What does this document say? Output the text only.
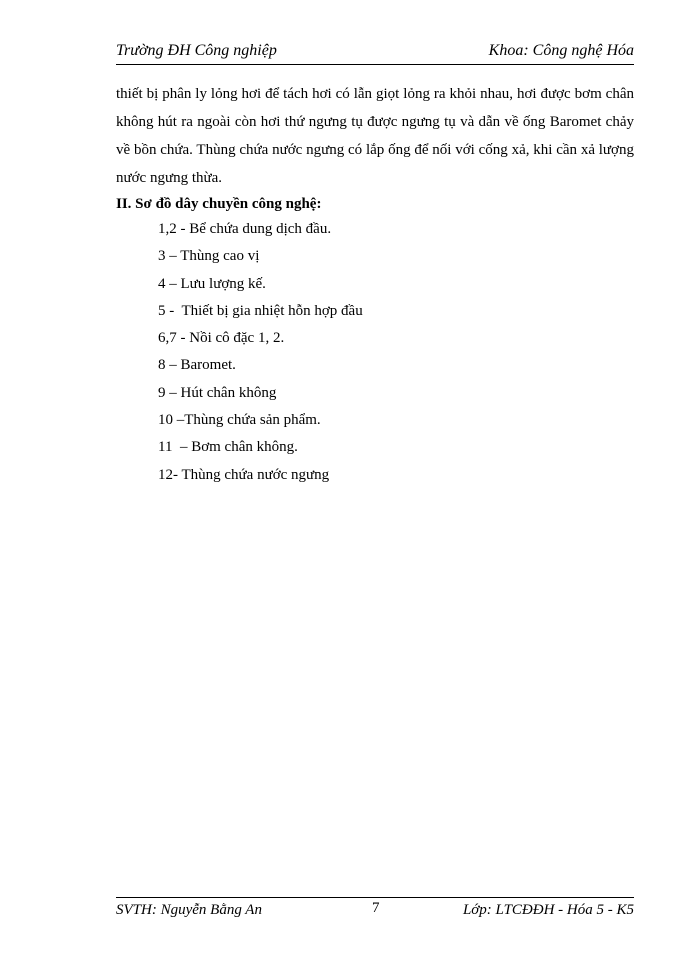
Trường ĐH Công nghiệp	Khoa: Công nghệ Hóa

thiết bị phân ly lỏng hơi để tách hơi có lẫn giọt lỏng ra khỏi nhau, hơi được bơm chân không hút ra ngoài còn hơi thứ ngưng tụ được ngưng tụ và dẫn về ống Baromet chảy về bồn chứa. Thùng chứa nước ngưng có lắp ống để nối với cống xả, khi cần xả lượng nước ngưng thừa.

II. Sơ đồ dây chuyền công nghệ:

1,2 - Bể chứa dung dịch đầu.
3 – Thùng cao vị
4 – Lưu lượng kế.
5 -  Thiết bị gia nhiệt hỗn hợp đầu
6,7 - Nồi cô đặc 1, 2.
8 – Baromet.
9 – Hút chân không
10 –Thùng chứa sản phẩm.
11  – Bơm chân không.
12- Thùng chứa nước ngưng
SVTH: Nguyễn Bằng An	7	Lớp: LTCĐĐH - Hóa 5 - K5
